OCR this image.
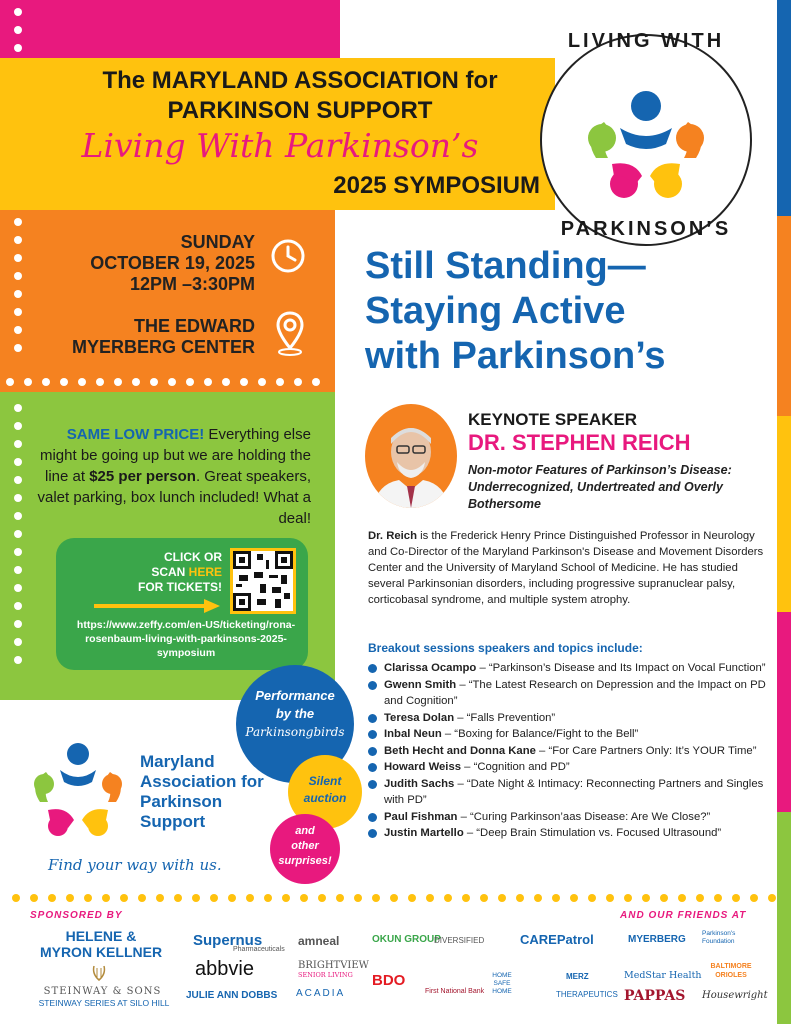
The MARYLAND ASSOCIATION for
PARKINSON SUPPORT
Living With Parkinson’s
2025 SYMPOSIUM
LIVING WITH
PARKINSON’S
SUNDAY
OCTOBER 19, 2025
12PM –3:30PM
THE EDWARD
MYERBERG CENTER
SAME LOW PRICE! Everything else might be going up but we are holding the line at $25 per person. Great speakers, valet parking, box lunch included! What a deal!
CLICK OR
SCAN HERE
FOR TICKETS!
https://www.zeffy.com/en-US/ticketing/rona-rosenbaum-living-with-parkinsons-2025-symposium
Still Standing—
Staying Active
with Parkinson’s
KEYNOTE SPEAKER
DR. STEPHEN REICH
Non-motor Features of Parkinson’s Disease: Underrecognized, Undertreated and Overly Bothersome
Dr. Reich is the Frederick Henry Prince Distinguished Professor in Neurology and Co-Director of the Maryland Parkinson's Disease and Movement Disorders Center and the University of Maryland School of Medicine. He has studied several Parkinsonian disorders, including progressive supranuclear palsy, corticobasal syndrome, and multiple system atrophy.
Breakout sessions speakers and topics include:
Clarissa Ocampo – “Parkinson’s Disease and Its Impact on Vocal Function”
Gwenn Smith – “The Latest Research on Depression and the Impact on PD and Cognition”
Teresa Dolan – “Falls Prevention”
Inbal Neun – “Boxing for Balance/Fight to the Bell”
Beth Hecht and Donna Kane – “For Care Partners Only: It’s YOUR Time”
Howard Weiss – “Cognition and PD”
Judith Sachs – “Date Night & Intimacy: Reconnecting Partners and Singles with PD”
Paul Fishman – “Curing Parkinson’aas Disease: Are We Close?”
Justin Martello – “Deep Brain Stimulation vs. Focused Ultrasound”
Performance
by the
Parkinsongbirds
Silent
auction
and
other
surprises!
Maryland
Association for
Parkinson
Support
Find your way with us.
SPONSORED BY	AND OUR FRIENDS AT
HELENE &
MYRON KELLNER
STEINWAY & SONS
STEINWAY SERIES AT SILO HILL
Supernus
Pharmaceuticals
abbvie
JULIE ANN DOBBS
amneal
BRIGHTVIEW
SENIOR LIVING
ACADIA
OKUN GROUP
DIVERSIFIED	CAREPatrol
BDO
First National Bank
HOME SAFE HOME
MERZ
THERAPEUTICS
MYERBERG
Parkinson's Foundation
MedStar Health
BALTIMORE ORIOLES
PAPPAS Housewright
